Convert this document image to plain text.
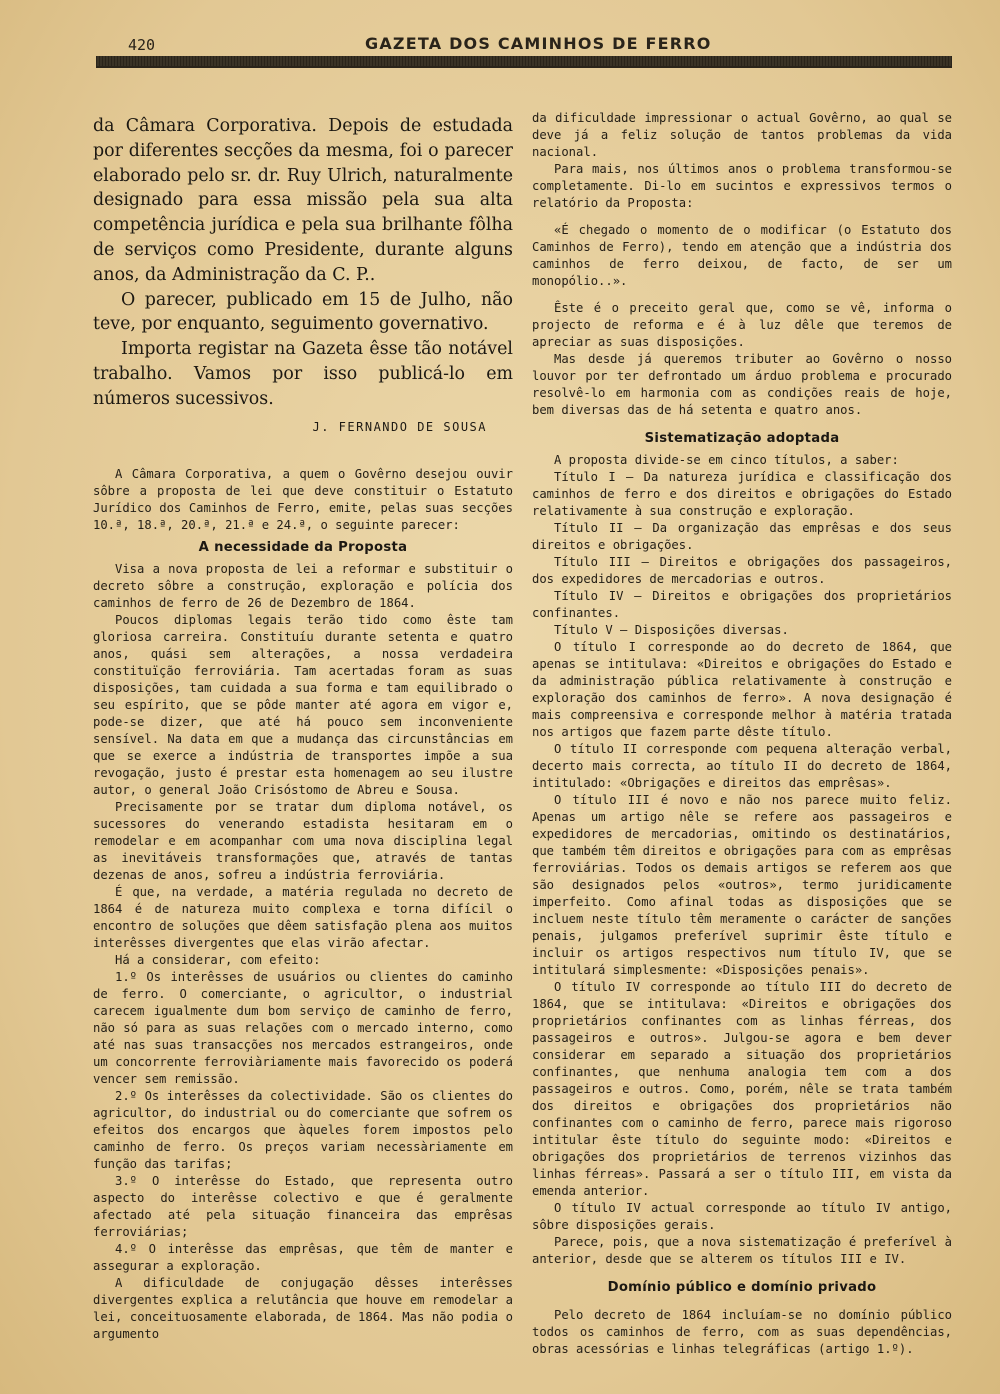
420	GAZETA DOS CAMINHOS DE FERRO

da Câmara Corporativa. Depois de estudada por diferentes secções da mesma, foi o parecer elaborado pelo sr. dr. Ruy Ulrich, naturalmente designado para essa missão pela sua alta competência jurídica e pela sua brilhante fôlha de serviços como Presidente, durante alguns anos, da Administração da C. P..

O parecer, publicado em 15 de Julho, não teve, por enquanto, seguimento governativo.

Importa registar na Gazeta êsse tão notável trabalho. Vamos por isso publicá-lo em números sucessivos.

J. FERNANDO DE SOUSA

A Câmara Corporativa, a quem o Govêrno desejou ouvir sôbre a proposta de lei que deve constituir o Estatuto Jurídico dos Caminhos de Ferro, emite, pelas suas secções 10.ª, 18.ª, 20.ª, 21.ª e 24.ª, o seguinte parecer:

A necessidade da Proposta

Visa a nova proposta de lei a reformar e substituir o decreto sôbre a construção, exploração e polícia dos caminhos de ferro de 26 de Dezembro de 1864.

Poucos diplomas legais terão tido como êste tam gloriosa carreira. Constituíu durante setenta e quatro anos, quási sem alterações, a nossa verdadeira constituïção ferroviária. Tam acertadas foram as suas disposições, tam cuidada a sua forma e tam equilibrado o seu espírito, que se pôde manter até agora em vigor e, pode-se dizer, que até há pouco sem inconveniente sensível. Na data em que a mudança das circunstâncias em que se exerce a indústria de transportes impõe a sua revogação, justo é prestar esta homenagem ao seu ilustre autor, o general João Crisóstomo de Abreu e Sousa.

Precisamente por se tratar dum diploma notável, os sucessores do venerando estadista hesitaram em o remodelar e em acompanhar com uma nova disciplina legal as inevitáveis transformações que, através de tantas dezenas de anos, sofreu a indústria ferroviária.

É que, na verdade, a matéria regulada no decreto de 1864 é de natureza muito complexa e torna difícil o encontro de soluções que dêem satisfação plena aos muitos interêsses divergentes que elas virão afectar.

Há a considerar, com efeito:

1.º Os interêsses de usuários ou clientes do caminho de ferro. O comerciante, o agricultor, o industrial carecem igualmente dum bom serviço de caminho de ferro, não só para as suas relações com o mercado interno, como até nas suas transacções nos mercados estrangeiros, onde um concorrente ferroviàriamente mais favorecido os poderá vencer sem remissão.

2.º Os interêsses da colectividade. São os clientes do agricultor, do industrial ou do comerciante que sofrem os efeitos dos encargos que àqueles forem impostos pelo caminho de ferro. Os preços variam necessàriamente em função das tarifas;

3.º O interêsse do Estado, que representa outro aspecto do interêsse colectivo e que é geralmente afectado até pela situação financeira das emprêsas ferroviárias;

4.º O interêsse das emprêsas, que têm de manter e assegurar a exploração.

A dificuldade de conjugação dêsses interêsses divergentes explica a relutância que houve em remodelar a lei, conceituosamente elaborada, de 1864. Mas não podia o argumento

da dificuldade impressionar o actual Govêrno, ao qual se deve já a feliz solução de tantos problemas da vida nacional.

Para mais, nos últimos anos o problema transformou-se completamente. Di-lo em sucintos e expressivos termos o relatório da Proposta:

«É chegado o momento de o modificar (o Estatuto dos Caminhos de Ferro), tendo em atenção que a indústria dos caminhos de ferro deixou, de facto, de ser um monopólio..».

Êste é o preceito geral que, como se vê, informa o projecto de reforma e é à luz dêle que teremos de apreciar as suas disposições.

Mas desde já queremos tributer ao Govêrno o nosso louvor por ter defrontado um árduo problema e procurado resolvê-lo em harmonia com as condições reais de hoje, bem diversas das de há setenta e quatro anos.

Sistematização adoptada

A proposta divide-se em cinco títulos, a saber:

Título I — Da natureza jurídica e classificação dos caminhos de ferro e dos direitos e obrigações do Estado relativamente à sua construção e exploração.

Título II — Da organização das emprêsas e dos seus direitos e obrigações.

Título III — Direitos e obrigações dos passageiros, dos expedidores de mercadorias e outros.

Título IV — Direitos e obrigações dos proprietários confinantes.

Título V — Disposições diversas.

O título I corresponde ao do decreto de 1864, que apenas se intitulava: «Direitos e obrigações do Estado e da administração pública relativamente à construção e exploração dos caminhos de ferro». A nova designação é mais compreensiva e corresponde melhor à matéria tratada nos artigos que fazem parte dêste título.

O título II corresponde com pequena alteração verbal, decerto mais correcta, ao título II do decreto de 1864, intitulado: «Obrigações e direitos das emprêsas».

O título III é novo e não nos parece muito feliz. Apenas um artigo nêle se refere aos passageiros e expedidores de mercadorias, omitindo os destinatários, que também têm direitos e obrigações para com as emprêsas ferroviárias. Todos os demais artigos se referem aos que são designados pelos «outros», termo juridicamente imperfeito. Como afinal todas as disposições que se incluem neste título têm meramente o carácter de sanções penais, julgamos preferível suprimir êste título e incluir os artigos respectivos num título IV, que se intitulará simplesmente: «Disposições penais».

O título IV corresponde ao título III do decreto de 1864, que se intitulava: «Direitos e obrigações dos proprietários confinantes com as linhas férreas, dos passageiros e outros». Julgou-se agora e bem dever considerar em separado a situação dos proprietários confinantes, que nenhuma analogia tem com a dos passageiros e outros. Como, porém, nêle se trata também dos direitos e obrigações dos proprietários não confinantes com o caminho de ferro, parece mais rigoroso intitular êste título do seguinte modo: «Direitos e obrigações dos proprietários de terrenos vizinhos das linhas férreas». Passará a ser o título III, em vista da emenda anterior.

O título IV actual corresponde ao título IV antigo, sôbre disposições gerais.

Parece, pois, que a nova sistematização é preferível à anterior, desde que se alterem os títulos III e IV.

Domínio público e domínio privado

Pelo decreto de 1864 incluíam-se no domínio público todos os caminhos de ferro, com as suas dependências, obras acessórias e linhas telegráficas (artigo 1.º).
